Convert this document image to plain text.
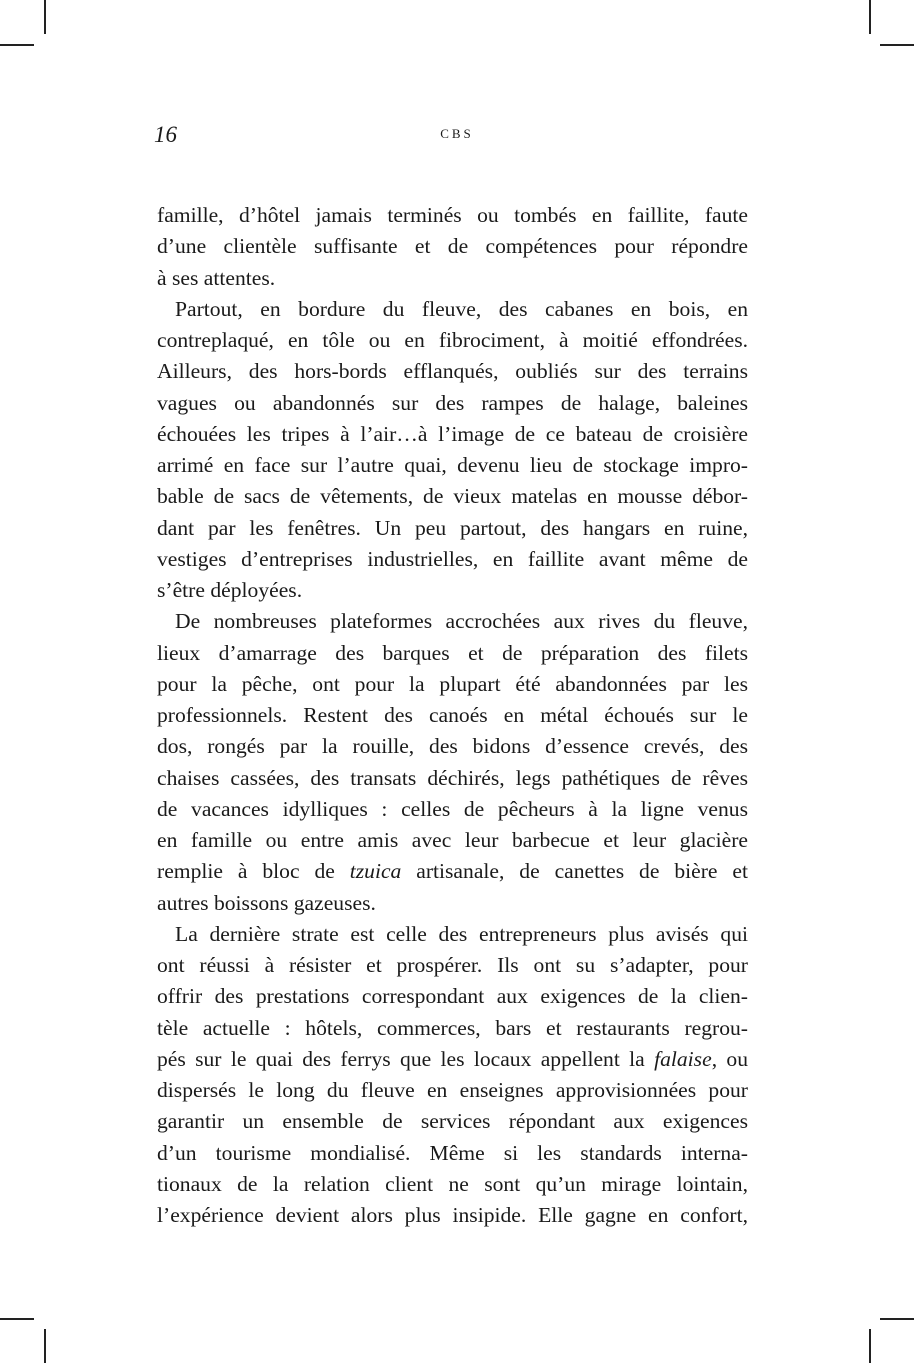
16	CBS
famille, d’hôtel jamais terminés ou tombés en faillite, faute
d’une clientèle suffisante et de compétences pour répondre
à ses attentes.
Partout, en bordure du fleuve, des cabanes en bois, en
contreplaqué, en tôle ou en fibrociment, à moitié effondrées.
Ailleurs, des hors-bords efflanqués, oubliés sur des terrains
vagues ou abandonnés sur des rampes de halage, baleines
échouées les tripes à l’air…à l’image de ce bateau de croisière
arrimé en face sur l’autre quai, devenu lieu de stockage impro-
bable de sacs de vêtements, de vieux matelas en mousse débor-
dant par les fenêtres. Un peu partout, des hangars en ruine,
vestiges d’entreprises industrielles, en faillite avant même de
s’être déployées.
De nombreuses plateformes accrochées aux rives du fleuve,
lieux d’amarrage des barques et de préparation des filets
pour la pêche, ont pour la plupart été abandonnées par les
professionnels. Restent des canoés en métal échoués sur le
dos, rongés par la rouille, des bidons d’essence crevés, des
chaises cassées, des transats déchirés, legs pathétiques de rêves
de vacances idylliques : celles de pêcheurs à la ligne venus
en famille ou entre amis avec leur barbecue et leur glacière
remplie à bloc de tzuica artisanale, de canettes de bière et
autres boissons gazeuses.
La dernière strate est celle des entrepreneurs plus avisés qui
ont réussi à résister et prospérer. Ils ont su s’adapter, pour
offrir des prestations correspondant aux exigences de la clien-
tèle actuelle : hôtels, commerces, bars et restaurants regrou-
pés sur le quai des ferrys que les locaux appellent la falaise, ou
dispersés le long du fleuve en enseignes approvisionnées pour
garantir un ensemble de services répondant aux exigences
d’un tourisme mondialisé. Même si les standards interna-
tionaux de la relation client ne sont qu’un mirage lointain,
l’expérience devient alors plus insipide. Elle gagne en confort,
